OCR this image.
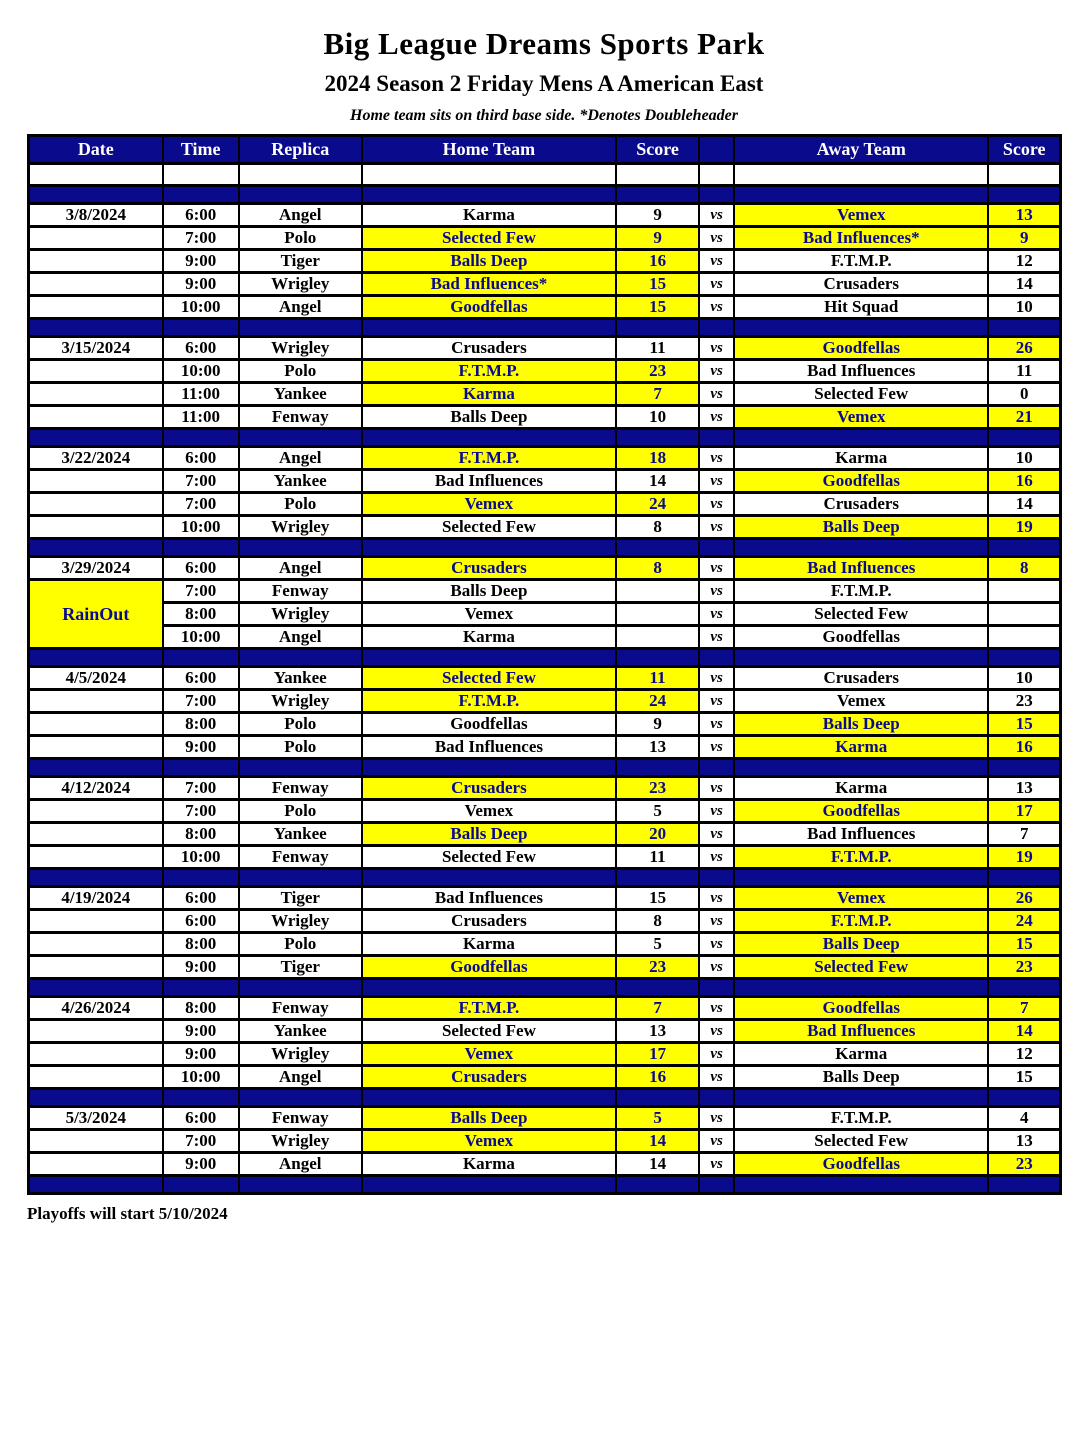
Big League Dreams Sports Park
2024 Season 2 Friday Mens A American East
Home team sits on third base side. *Denotes Doubleheader
Date	Time	Replica	Home Team	Score		Away Team	Score

3/8/2024	6:00	Angel	Karma	9	vs	Vemex	13
	7:00	Polo	Selected Few	9	vs	Bad Influences*	9
	9:00	Tiger	Balls Deep	16	vs	F.T.M.P.	12
	9:00	Wrigley	Bad Influences*	15	vs	Crusaders	14
	10:00	Angel	Goodfellas	15	vs	Hit Squad	10

3/15/2024	6:00	Wrigley	Crusaders	11	vs	Goodfellas	26
	10:00	Polo	F.T.M.P.	23	vs	Bad Influences	11
	11:00	Yankee	Karma	7	vs	Selected Few	0
	11:00	Fenway	Balls Deep	10	vs	Vemex	21

3/22/2024	6:00	Angel	F.T.M.P.	18	vs	Karma	10
	7:00	Yankee	Bad Influences	14	vs	Goodfellas	16
	7:00	Polo	Vemex	24	vs	Crusaders	14
	10:00	Wrigley	Selected Few	8	vs	Balls Deep	19

3/29/2024	6:00	Angel	Crusaders	8	vs	Bad Influences	8
RainOut	7:00	Fenway	Balls Deep		vs	F.T.M.P.	
	8:00	Wrigley	Vemex		vs	Selected Few	
	10:00	Angel	Karma		vs	Goodfellas	

4/5/2024	6:00	Yankee	Selected Few	11	vs	Crusaders	10
	7:00	Wrigley	F.T.M.P.	24	vs	Vemex	23
	8:00	Polo	Goodfellas	9	vs	Balls Deep	15
	9:00	Polo	Bad Influences	13	vs	Karma	16

4/12/2024	7:00	Fenway	Crusaders	23	vs	Karma	13
	7:00	Polo	Vemex	5	vs	Goodfellas	17
	8:00	Yankee	Balls Deep	20	vs	Bad Influences	7
	10:00	Fenway	Selected Few	11	vs	F.T.M.P.	19

4/19/2024	6:00	Tiger	Bad Influences	15	vs	Vemex	26
	6:00	Wrigley	Crusaders	8	vs	F.T.M.P.	24
	8:00	Polo	Karma	5	vs	Balls Deep	15
	9:00	Tiger	Goodfellas	23	vs	Selected Few	23

4/26/2024	8:00	Fenway	F.T.M.P.	7	vs	Goodfellas	7
	9:00	Yankee	Selected Few	13	vs	Bad Influences	14
	9:00	Wrigley	Vemex	17	vs	Karma	12
	10:00	Angel	Crusaders	16	vs	Balls Deep	15

5/3/2024	6:00	Fenway	Balls Deep	5	vs	F.T.M.P.	4
	7:00	Wrigley	Vemex	14	vs	Selected Few	13
	9:00	Angel	Karma	14	vs	Goodfellas	23

Playoffs will start 5/10/2024
